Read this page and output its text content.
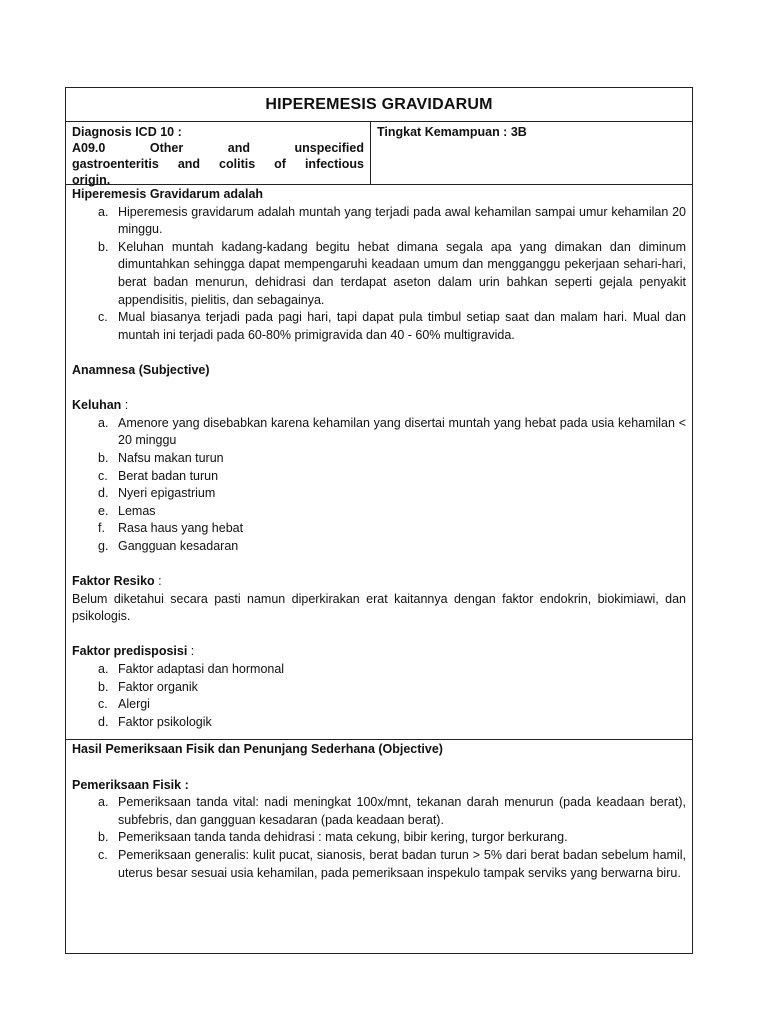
HIPEREMESIS GRAVIDARUM
Diagnosis ICD 10 :
A09.0 Other and unspecified
gastroenteritis and colitis of infectious
origin.
Tingkat Kemampuan : 3B
Hiperemesis Gravidarum adalah
a. Hiperemesis gravidarum adalah muntah yang terjadi pada awal kehamilan sampai umur kehamilan 20 minggu.
b. Keluhan muntah kadang-kadang begitu hebat dimana segala apa yang dimakan dan diminum dimuntahkan sehingga dapat mempengaruhi keadaan umum dan mengganggu pekerjaan sehari-hari, berat badan menurun, dehidrasi dan terdapat aseton dalam urin bahkan seperti gejala penyakit appendisitis, pielitis, dan sebagainya.
c. Mual biasanya terjadi pada pagi hari, tapi dapat pula timbul setiap saat dan malam hari. Mual dan muntah ini terjadi pada 60-80% primigravida dan 40 - 60% multigravida.
Anamnesa (Subjective)
Keluhan :
a. Amenore yang disebabkan karena kehamilan yang disertai muntah yang hebat pada usia kehamilan < 20 minggu
b. Nafsu makan turun
c. Berat badan turun
d. Nyeri epigastrium
e. Lemas
f.	Rasa haus yang hebat
g. Gangguan kesadaran
Faktor Resiko :

Belum diketahui secara pasti namun diperkirakan erat kaitannya dengan faktor endokrin, biokimiawi, dan psikologis.

Faktor predisposisi :
a. Faktor adaptasi dan hormonal
b. Faktor organik
c. Alergi
d. Faktor psikologik
Hasil Pemeriksaan Fisik dan Penunjang Sederhana (Objective)
Pemeriksaan Fisik :
a. Pemeriksaan tanda vital: nadi meningkat 100x/mnt, tekanan darah menurun (pada keadaan berat), subfebris, dan gangguan kesadaran (pada keadaan berat).
b. Pemeriksaan tanda tanda dehidrasi : mata cekung, bibir kering, turgor berkurang.
c. Pemeriksaan generalis: kulit pucat, sianosis, berat badan turun > 5% dari berat badan sebelum hamil, uterus besar sesuai usia kehamilan, pada pemeriksaan inspekulo tampak serviks yang berwarna biru.
